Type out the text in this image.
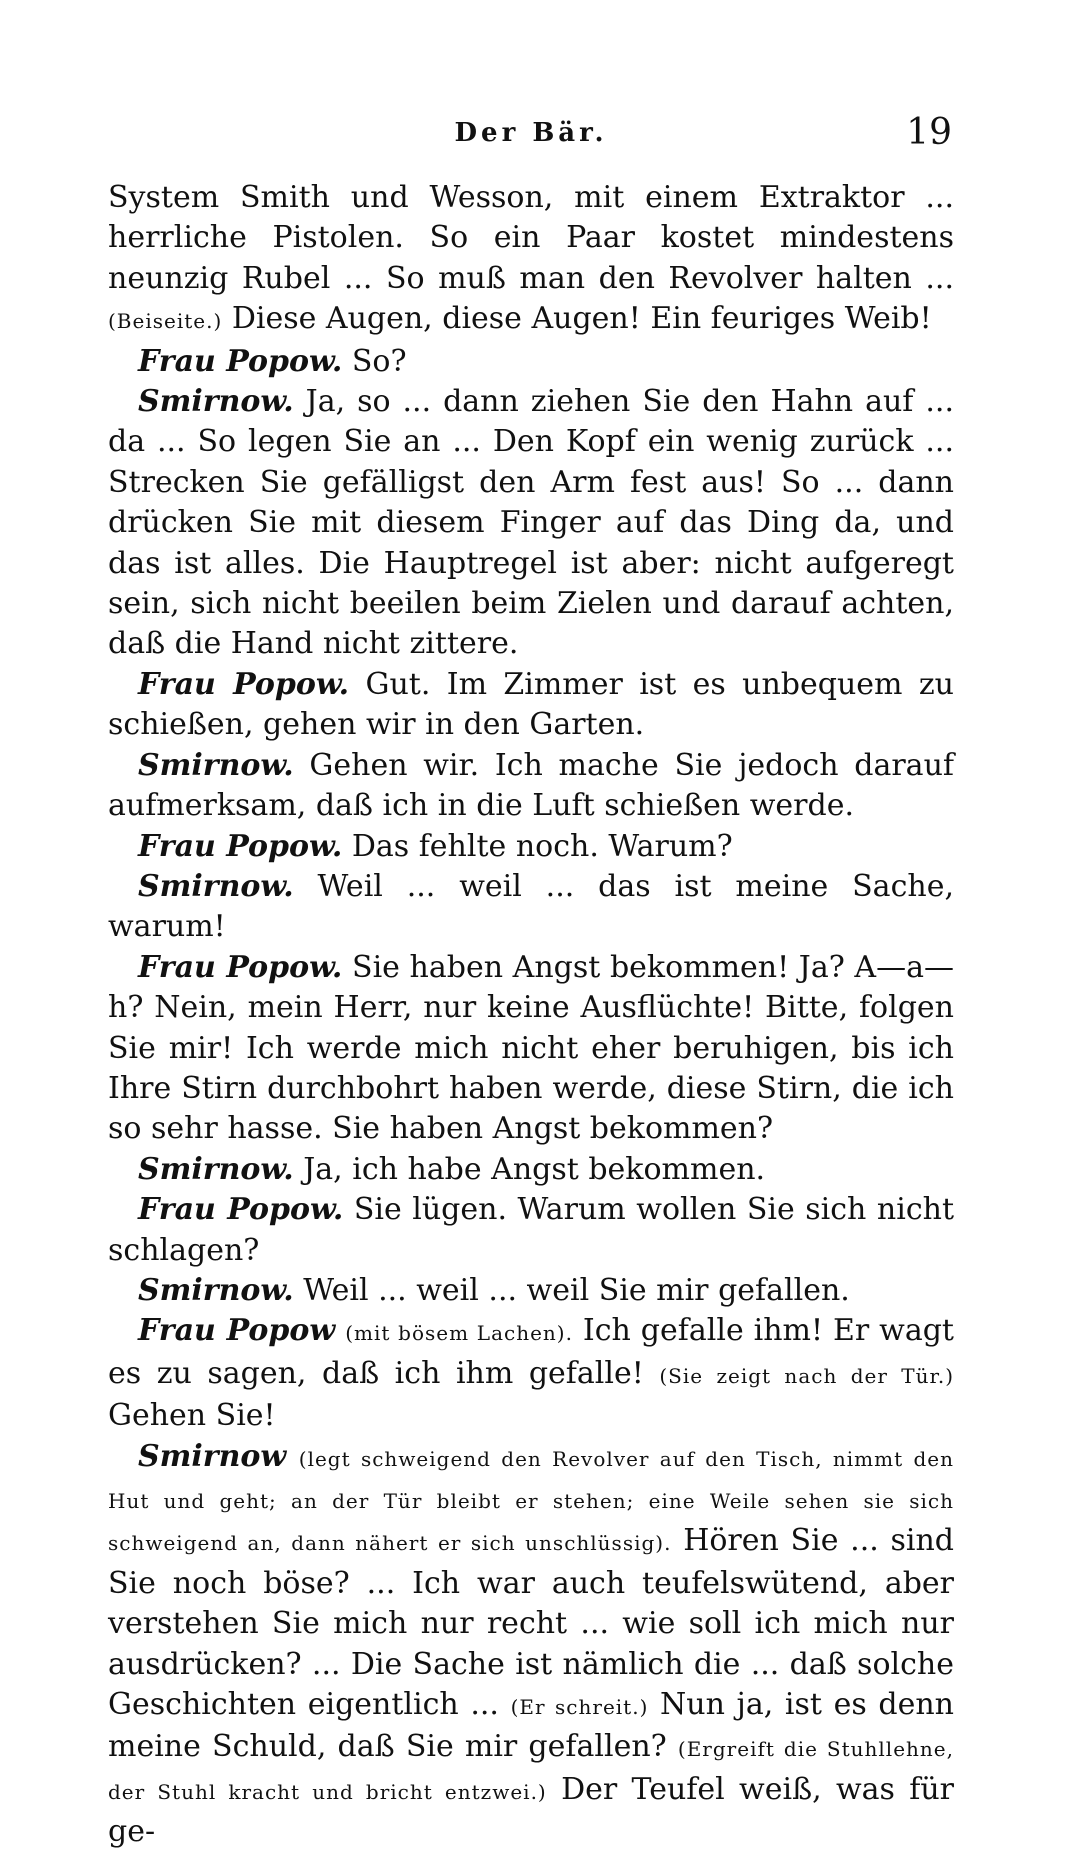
Der Bär.	19

System Smith und Wesson, mit einem Extraktor ... herrliche Pistolen. So ein Paar kostet mindestens neunzig Rubel ... So muß man den Revolver halten ... (Beiseite.) Diese Augen, diese Augen! Ein feuriges Weib!

Frau Popow. So?

Smirnow. Ja, so ... dann ziehen Sie den Hahn auf ... da ... So legen Sie an ... Den Kopf ein wenig zurück ... Strecken Sie gefälligst den Arm fest aus! So ... dann drücken Sie mit diesem Finger auf das Ding da, und das ist alles. Die Hauptregel ist aber: nicht aufgeregt sein, sich nicht beeilen beim Zielen und darauf achten, daß die Hand nicht zittere.

Frau Popow. Gut. Im Zimmer ist es unbequem zu schießen, gehen wir in den Garten.

Smirnow. Gehen wir. Ich mache Sie jedoch darauf aufmerksam, daß ich in die Luft schießen werde.

Frau Popow. Das fehlte noch. Warum?

Smirnow. Weil ... weil ... das ist meine Sache, warum!

Frau Popow. Sie haben Angst bekommen! Ja? A—a—h? Nein, mein Herr, nur keine Ausflüchte! Bitte, folgen Sie mir! Ich werde mich nicht eher beruhigen, bis ich Ihre Stirn durchbohrt haben werde, diese Stirn, die ich so sehr hasse. Sie haben Angst bekommen?

Smirnow. Ja, ich habe Angst bekommen.

Frau Popow. Sie lügen. Warum wollen Sie sich nicht schlagen?

Smirnow. Weil ... weil ... weil Sie mir gefallen.

Frau Popow (mit bösem Lachen). Ich gefalle ihm! Er wagt es zu sagen, daß ich ihm gefalle! (Sie zeigt nach der Tür.) Gehen Sie!

Smirnow (legt schweigend den Revolver auf den Tisch, nimmt den Hut und geht; an der Tür bleibt er stehen; eine Weile sehen sie sich schweigend an, dann nähert er sich unschlüssig). Hören Sie ... sind Sie noch böse? ... Ich war auch teufelswütend, aber verstehen Sie mich nur recht ... wie soll ich mich nur ausdrücken? ... Die Sache ist nämlich die ... daß solche Geschichten eigentlich ... (Er schreit.) Nun ja, ist es denn meine Schuld, daß Sie mir gefallen? (Ergreift die Stuhllehne, der Stuhl kracht und bricht entzwei.) Der Teufel weiß, was für ge-
